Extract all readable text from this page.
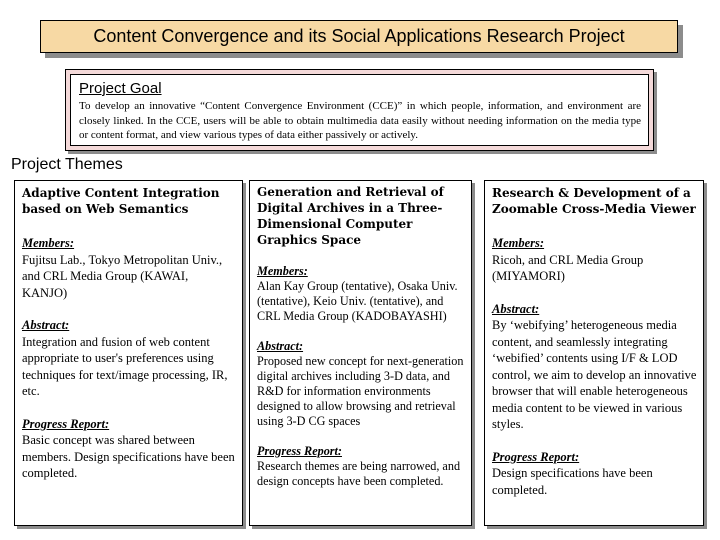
Content Convergence and its Social Applications Research Project
Project Goal
To develop an innovative “Content Convergence Environment (CCE)” in which people, information, and environment are closely linked. In the CCE, users will be able to obtain multimedia data easily without needing information on the media type or content format, and view various types of data either passively or actively.
Project Themes
Adaptive Content Integration based on Web Semantics
Members:
Fujitsu Lab., Tokyo Metropolitan Univ., and CRL Media Group (KAWAI, KANJO)
Abstract:
Integration and fusion of web content appropriate to user's preferences using techniques for text/image processing, IR, etc.
Progress Report:
Basic concept was shared between members. Design specifications have been completed.
Generation and Retrieval of Digital Archives in a Three-Dimensional Computer Graphics Space
Members:
Alan Kay Group (tentative), Osaka Univ. (tentative), Keio Univ. (tentative), and CRL Media Group (KADOBAYASHI)
Abstract:
Proposed new concept for next-generation digital archives including 3-D data, and R&D for information environments designed to allow browsing and retrieval using 3-D CG spaces
Progress Report:
Research themes are being narrowed, and design concepts have been completed.
Research & Development of a Zoomable Cross-Media Viewer
Members:
Ricoh, and CRL Media Group (MIYAMORI)
Abstract:
By ‘webifying’ heterogeneous media content, and seamlessly integrating ‘webified’ contents using I/F & LOD control, we aim to develop an innovative browser that will enable heterogeneous media content to be viewed in various styles.
Progress Report:
Design specifications have been completed.
